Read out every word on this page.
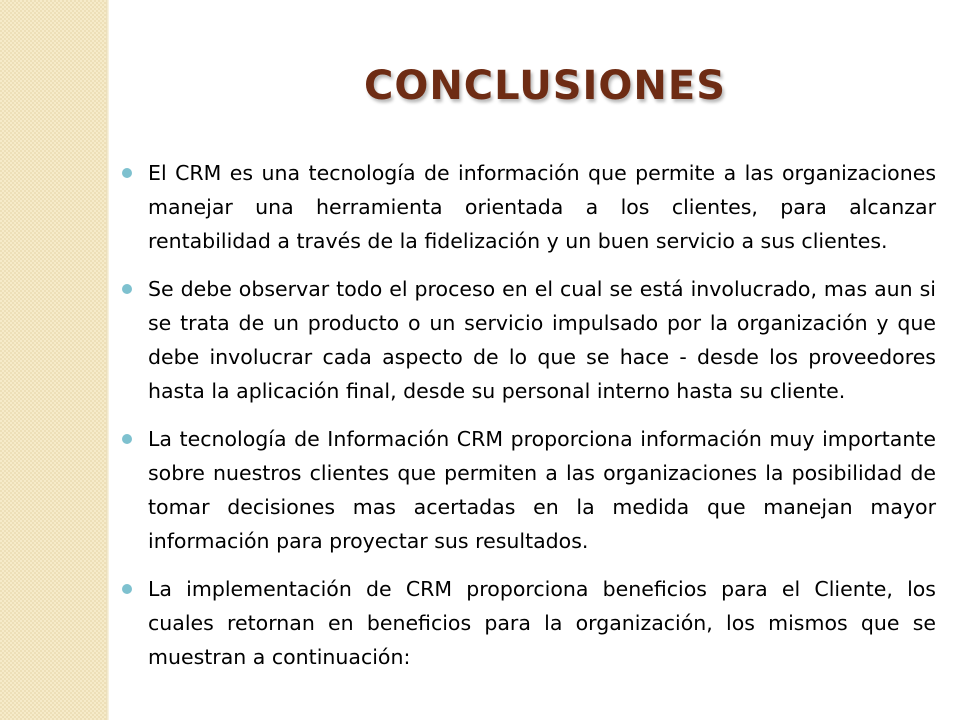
CONCLUSIONES
El CRM es una tecnología de información que permite a las organizaciones manejar una herramienta orientada a los clientes, para alcanzar rentabilidad a través de la fidelización y un buen servicio a sus clientes.
Se debe observar todo el proceso en el cual se está involucrado, mas aun si se trata de un producto o un servicio impulsado por la organización y que debe involucrar cada aspecto de lo que se hace - desde los proveedores hasta la aplicación final, desde su personal interno hasta su cliente.
La tecnología de Información CRM proporciona información muy importante sobre nuestros clientes que permiten a las organizaciones la posibilidad de tomar decisiones mas acertadas en la medida que manejan mayor información para proyectar sus resultados.
La implementación de CRM proporciona beneficios para el Cliente, los cuales retornan en beneficios para la organización, los mismos que se muestran a continuación:
